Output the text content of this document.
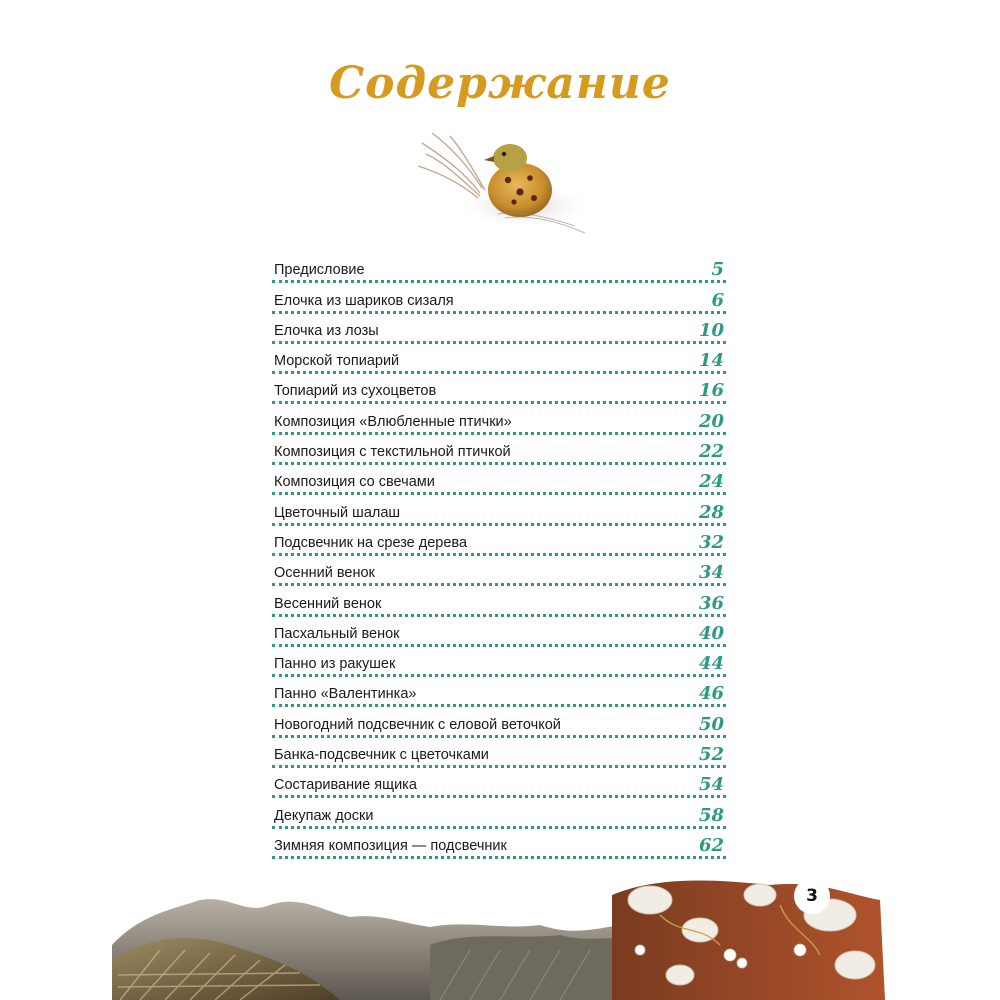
Содержание
Предисловие	5
Елочка из шариков сизаля	6
Елочка из лозы	10
Морской топиарий	14
Топиарий из сухоцветов	16
Композиция «Влюбленные птички»	20
Композиция с текстильной птичкой	22
Композиция со свечами	24
Цветочный шалаш	28
Подсвечник на срезе дерева	32
Осенний венок	34
Весенний венок	36
Пасхальный венок	40
Панно из ракушек	44
Панно «Валентинка»	46
Новогодний подсвечник с еловой веточкой	50
Банка-подсвечник с цветочками	52
Состаривание ящика	54
Декупаж доски	58
Зимняя композиция — подсвечник	62
3
